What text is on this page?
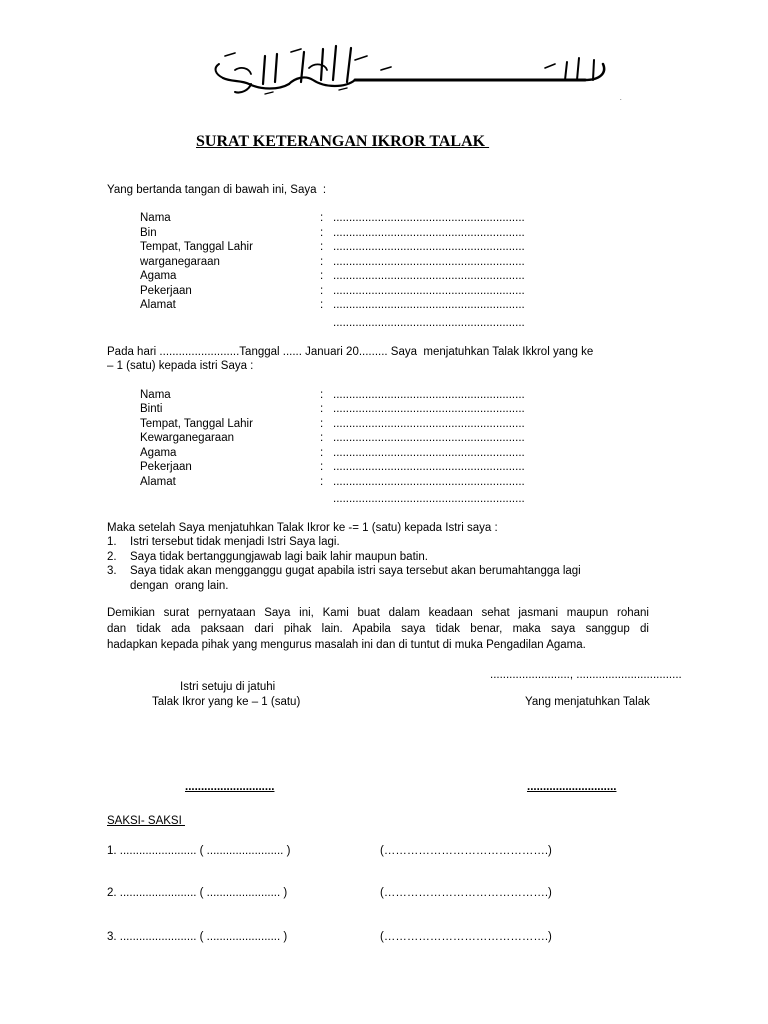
بسم الله الرحمن الرحيم
.
SURAT KETERANGAN IKROR TALAK
Yang bertanda tangan di bawah ini, Saya  :
Nama	: ............................................................
Bin	: ............................................................
Tempat, Tanggal Lahir	: ............................................................
warganegaraan	: ............................................................
Agama	: ............................................................
Pekerjaan	: ............................................................
Alamat	: ............................................................
............................................................
Pada hari .........................Tanggal ...... Januari 20......... Saya  menjatuhkan Talak Ikkrol yang ke
– 1 (satu) kepada istri Saya :
Nama	: ............................................................
Binti	: ............................................................
Tempat, Tanggal Lahir	: ............................................................
Kewarganegaraan	: ............................................................
Agama	: ............................................................
Pekerjaan	: ............................................................
Alamat	: ............................................................
............................................................
Maka setelah Saya menjatuhkan Talak Ikror ke -= 1 (satu) kepada Istri saya :
1. Istri tersebut tidak menjadi Istri Saya lagi.
2. Saya tidak bertanggungjawab lagi baik lahir maupun batin.
3. Saya tidak akan mengganggu gugat apabila istri saya tersebut akan berumahtangga lagi
dengan  orang lain.
Demikian surat pernyataan Saya ini, Kami buat dalam keadaan sehat jasmani maupun rohani
dan tidak ada paksaan dari pihak lain. Apabila saya tidak benar, maka saya sanggup di
hadapkan kepada pihak yang mengurus masalah ini dan di tuntut di muka Pengadilan Agama.
........................., .................................
Istri setuju di jatuhi
Talak Ikror yang ke – 1 (satu)	Yang menjatuhkan Talak
............................	............................
SAKSI- SAKSI
1. ........................ ( ........................ )	(…………………………………….)
2. ........................ ( ....................... )	(…………………………………….)
3. ........................ ( ....................... )	(…………………………………….)
